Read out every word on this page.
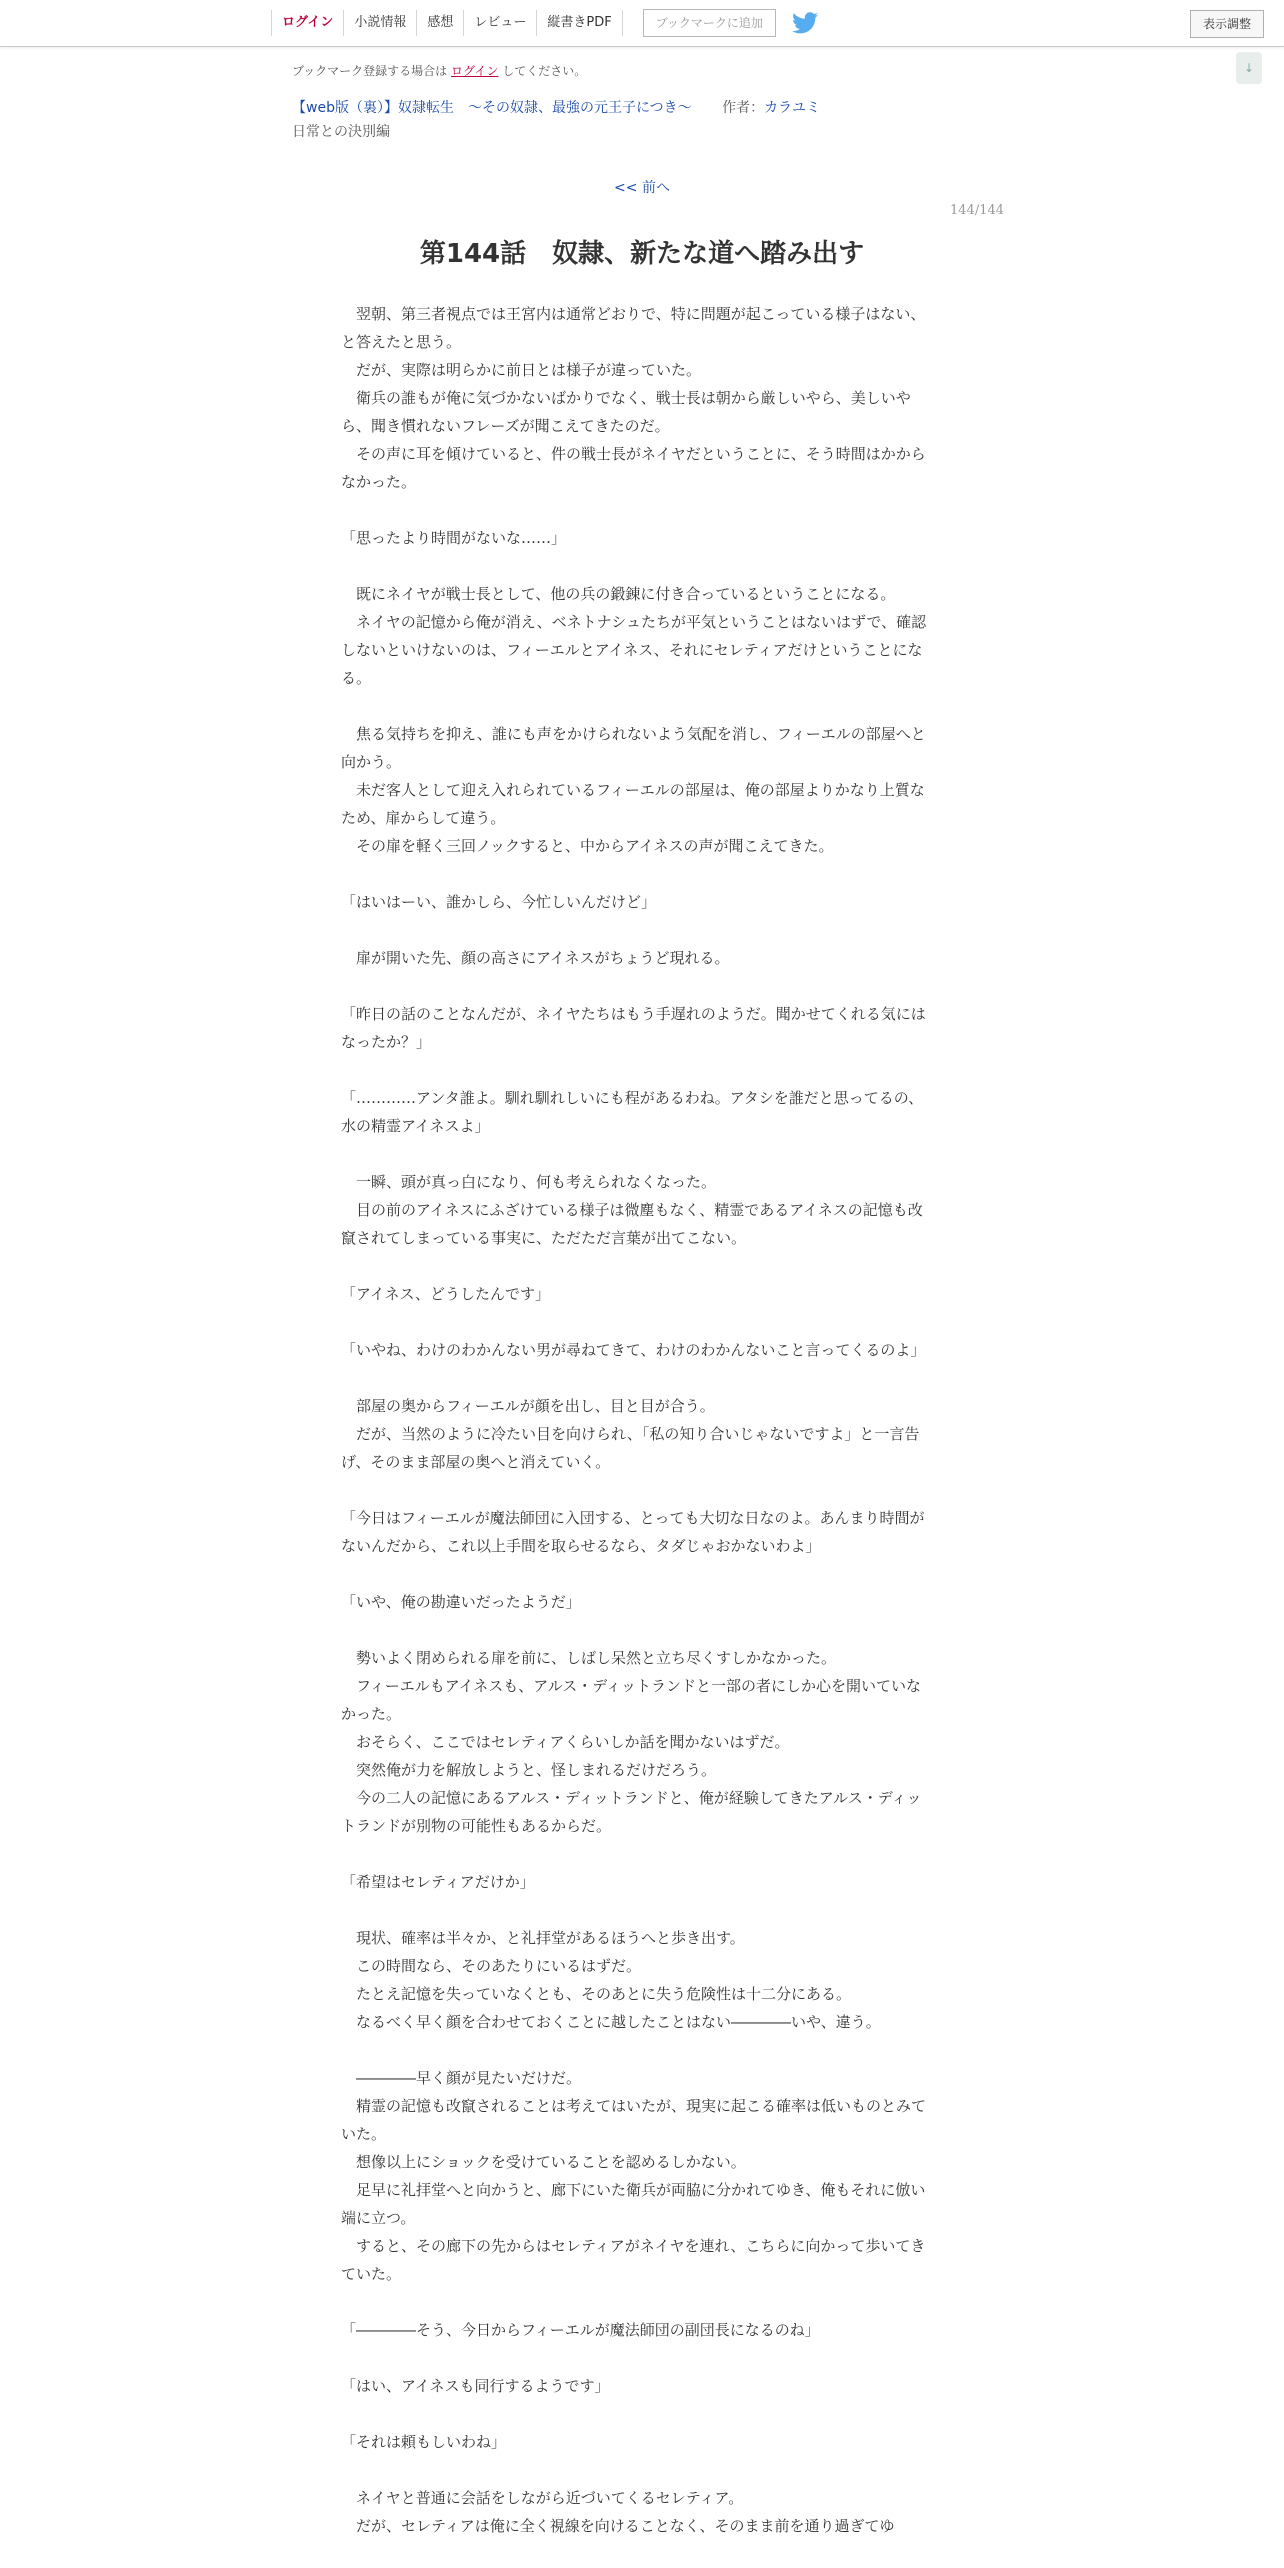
ログイン	小説情報	感想	レビュー	縦書きPDF	ブックマークに追加	表示調整
↓
ブックマーク登録する場合は ログイン してください。
【web版（裏）】奴隷転生　～その奴隷、最強の元王子につき～ 作者：カラユミ
日常との決別編
<< 前へ
144/144
第144話　奴隷、新たな道へ踏み出す

　翌朝、第三者視点では王宮内は通常どおりで、特に問題が起こっている様子はない、と答えたと思う。

　だが、実際は明らかに前日とは様子が違っていた。

　衛兵の誰もが俺に気づかないばかりでなく、戦士長は朝から厳しいやら、美しいやら、聞き慣れないフレーズが聞こえてきたのだ。

　その声に耳を傾けていると、件の戦士長がネイヤだということに、そう時間はかからなかった。

「思ったより時間がないな……」

　既にネイヤが戦士長として、他の兵の鍛錬に付き合っているということになる。

　ネイヤの記憶から俺が消え、ベネトナシュたちが平気ということはないはずで、確認しないといけないのは、フィーエルとアイネス、それにセレティアだけということになる。

　焦る気持ちを抑え、誰にも声をかけられないよう気配を消し、フィーエルの部屋へと向かう。

　未だ客人として迎え入れられているフィーエルの部屋は、俺の部屋よりかなり上質なため、扉からして違う。

　その扉を軽く三回ノックすると、中からアイネスの声が聞こえてきた。

「はいはーい、誰かしら、今忙しいんだけど」

　扉が開いた先、顔の高さにアイネスがちょうど現れる。

「昨日の話のことなんだが、ネイヤたちはもう手遅れのようだ。聞かせてくれる気にはなったか？」

「…………アンタ誰よ。馴れ馴れしいにも程があるわね。アタシを誰だと思ってるの、水の精霊アイネスよ」

　一瞬、頭が真っ白になり、何も考えられなくなった。

　目の前のアイネスにふざけている様子は微塵もなく、精霊であるアイネスの記憶も改竄されてしまっている事実に、ただただ言葉が出てこない。

「アイネス、どうしたんです」

「いやね、わけのわかんない男が尋ねてきて、わけのわかんないこと言ってくるのよ」

　部屋の奥からフィーエルが顔を出し、目と目が合う。

　だが、当然のように冷たい目を向けられ、「私の知り合いじゃないですよ」と一言告げ、そのまま部屋の奥へと消えていく。

「今日はフィーエルが魔法師団に入団する、とっても大切な日なのよ。あんまり時間がないんだから、これ以上手間を取らせるなら、タダじゃおかないわよ」

「いや、俺の勘違いだったようだ」

　勢いよく閉められる扉を前に、しばし呆然と立ち尽くすしかなかった。

　フィーエルもアイネスも、アルス・ディットランドと一部の者にしか心を開いていなかった。

　おそらく、ここではセレティアくらいしか話を聞かないはずだ。

　突然俺が力を解放しようと、怪しまれるだけだろう。

　今の二人の記憶にあるアルス・ディットランドと、俺が経験してきたアルス・ディットランドが別物の可能性もあるからだ。

「希望はセレティアだけか」

　現状、確率は半々か、と礼拝堂があるほうへと歩き出す。

　この時間なら、そのあたりにいるはずだ。

　たとえ記憶を失っていなくとも、そのあとに失う危険性は十二分にある。

　なるべく早く顔を合わせておくことに越したことはない――――いや、違う。

　――――早く顔が見たいだけだ。

　精霊の記憶も改竄されることは考えてはいたが、現実に起こる確率は低いものとみていた。

　想像以上にショックを受けていることを認めるしかない。

　足早に礼拝堂へと向かうと、廊下にいた衛兵が両脇に分かれてゆき、俺もそれに倣い端に立つ。

　すると、その廊下の先からはセレティアがネイヤを連れ、こちらに向かって歩いてきていた。

「――――そう、今日からフィーエルが魔法師団の副団長になるのね」

「はい、アイネスも同行するようです」

「それは頼もしいわね」

　ネイヤと普通に会話をしながら近づいてくるセレティア。

　だが、セレティアは俺に全く視線を向けることなく、そのまま前を通り過ぎてゆ
